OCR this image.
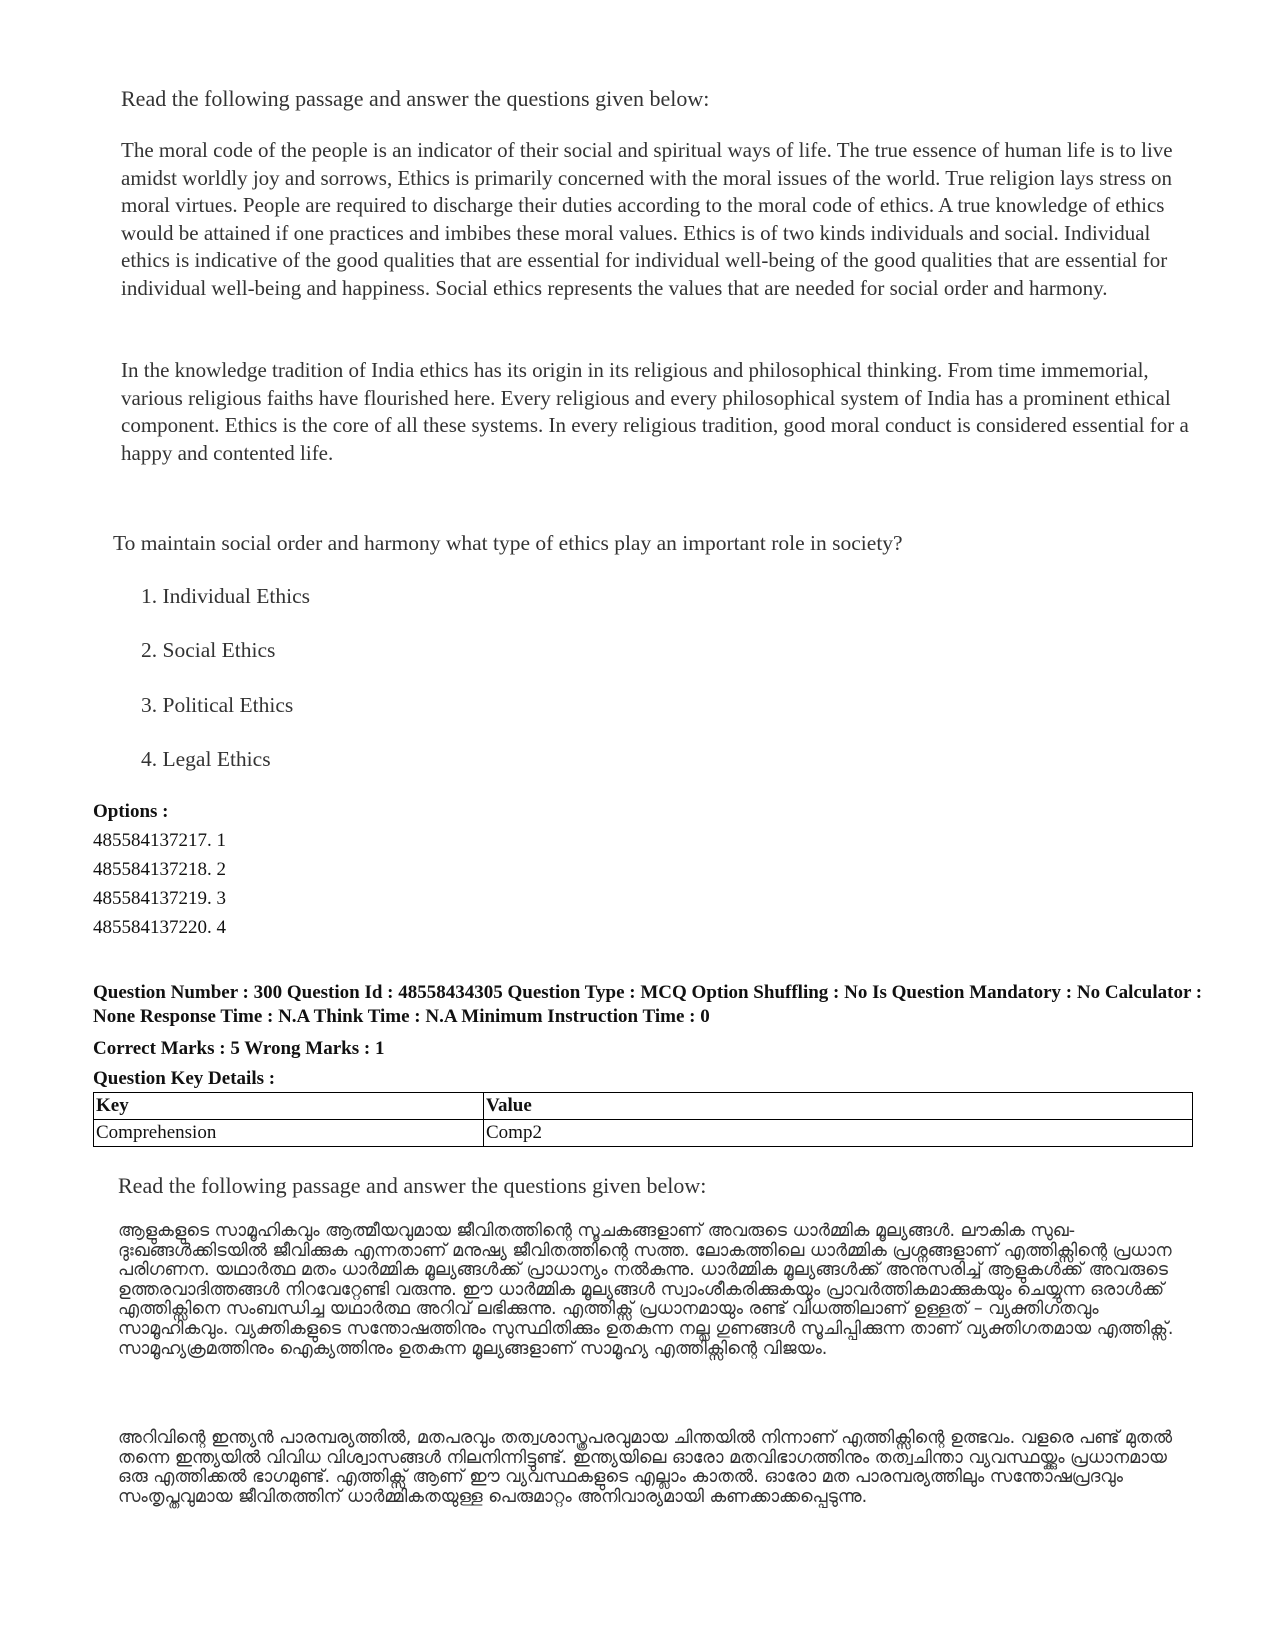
Read the following passage and answer the questions given below:
The moral code of the people is an indicator of their social and spiritual ways of life. The true essence of human life is to live amidst worldly joy and sorrows, Ethics is primarily concerned with the moral issues of the world. True religion lays stress on moral virtues. People are required to discharge their duties according to the moral code of ethics. A true knowledge of ethics would be attained if one practices and imbibes these moral values. Ethics is of two kinds individuals and social. Individual ethics is indicative of the good qualities that are essential for individual well-being of the good qualities that are essential for individual well-being and happiness. Social ethics represents the values that are needed for social order and harmony.
In the knowledge tradition of India ethics has its origin in its religious and philosophical thinking. From time immemorial, various religious faiths have flourished here. Every religious and every philosophical system of India has a prominent ethical component. Ethics is the core of all these systems. In every religious tradition, good moral conduct is considered essential for a happy and contented life.
To maintain social order and harmony what type of ethics play an important role in society?
1. Individual Ethics
2. Social Ethics
3. Political Ethics
4. Legal Ethics
Options :
485584137217. 1
485584137218. 2
485584137219. 3
485584137220. 4
Question Number : 300 Question Id : 48558434305 Question Type : MCQ Option Shuffling : No Is Question Mandatory : No Calculator : None Response Time : N.A Think Time : N.A Minimum Instruction Time : 0
Correct Marks : 5 Wrong Marks : 1
Question Key Details :
Key	Value
Comprehension	Comp2
Read the following passage and answer the questions given below:
ആളുകളുടെ സാമൂഹികവും ആത്മീയവുമായ ജീവിതത്തിന്റെ സൂചകങ്ങളാണ് അവരുടെ ധാർമ്മിക മൂല്യങ്ങൾ. ലൗകിക സുഖ-ദുഃഖങ്ങൾക്കിടയിൽ ജീവിക്കുക എന്നതാണ് മനുഷ്യ ജീവിതത്തിന്റെ സത്ത. ലോകത്തിലെ ധാർമ്മിക പ്രശ്നങ്ങളാണ് എത്തിക്സിന്റെ പ്രധാന പരിഗണന. യഥാർത്ഥ മതം ധാർമ്മിക മൂല്യങ്ങൾക്ക് പ്രാധാന്യം നൽകുന്നു. ധാർമ്മിക മൂല്യങ്ങൾക്ക് അനുസരിച്ച് ആളുകൾക്ക് അവരുടെ ഉത്തരവാദിത്തങ്ങൾ നിറവേറ്റേണ്ടി വരുന്നു. ഈ ധാർമ്മിക മൂല്യങ്ങൾ സ്വാംശീകരിക്കുകയും പ്രാവർത്തികമാക്കുകയും ചെയ്യുന്ന ഒരാൾക്ക് എത്തിക്സിനെ സംബന്ധിച്ച യഥാർത്ഥ അറിവ് ലഭിക്കുന്നു. എത്തിക്സ് പ്രധാനമായും രണ്ട് വിധത്തിലാണ് ഉള്ളത് – വ്യക്തിഗതവും സാമൂഹികവും. വ്യക്തികളുടെ സന്തോഷത്തിനും സുസ്ഥിതിക്കും ഉതകുന്ന നല്ല ഗുണങ്ങൾ സൂചിപ്പിക്കുന്ന താണ് വ്യക്തിഗതമായ എത്തിക്സ്. സാമൂഹ്യക്രമത്തിനും ഐക്യത്തിനും ഉതകുന്ന മൂല്യങ്ങളാണ് സാമൂഹ്യ എത്തിക്സിന്റെ വിജയം.
അറിവിന്റെ ഇന്ത്യൻ പാരമ്പര്യത്തിൽ, മതപരവും തത്വശാസ്ത്രപരവുമായ ചിന്തയിൽ നിന്നാണ് എത്തിക്സിന്റെ ഉത്ഭവം. വളരെ പണ്ട് മുതൽ തന്നെ ഇന്ത്യയിൽ വിവിധ വിശ്വാസങ്ങൾ നിലനിന്നിട്ടുണ്ട്. ഇന്ത്യയിലെ ഓരോ മതവിഭാഗത്തിനും തത്വചിന്താ വ്യവസ്ഥയ്ക്കും പ്രധാനമായ ഒരു എത്തിക്കൽ ഭാഗമുണ്ട്. എത്തിക്സ് ആണ് ഈ വ്യവസ്ഥകളുടെ എല്ലാം കാതൽ. ഓരോ മത പാരമ്പര്യത്തിലും സന്തോഷപ്രദവും സംതൃപ്തവുമായ ജീവിതത്തിന് ധാർമ്മികതയുള്ള പെരുമാറ്റം അനിവാര്യമായി കണക്കാക്കപ്പെടുന്നു.
